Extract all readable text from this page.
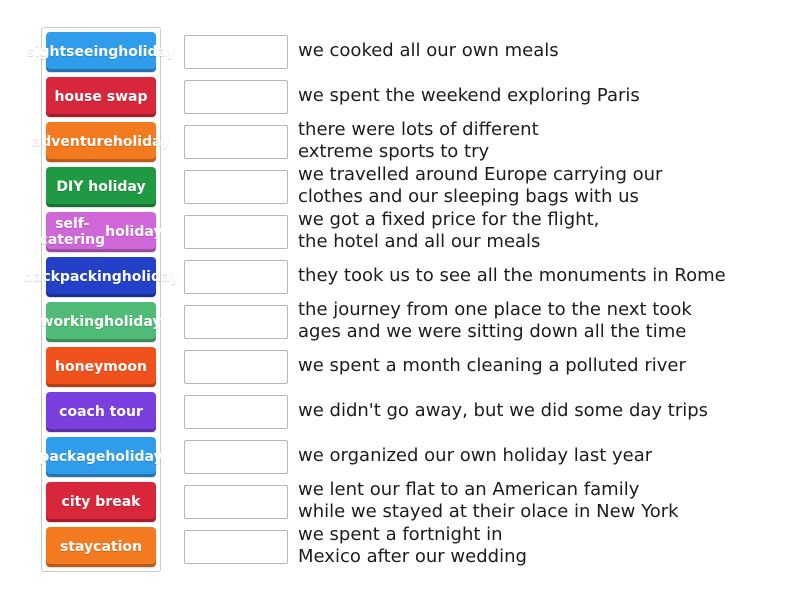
sightseeing holiday
house swap
adventure holiday
DIY holiday
self-catering holiday
backpacking holiday
working holiday
honeymoon
coach tour
package holiday
city break
staycation
we cooked all our own meals
we spent the weekend exploring Paris
there were lots of different
extreme sports to try
we travelled around Europe carrying our
clothes and our sleeping bags with us
we got a fixed price for the flight,
the hotel and all our meals
they took us to see all the monuments in Rome
the journey from one place to the next took
ages and we were sitting down all the time
we spent a month cleaning a polluted river
we didn't go away, but we did some day trips
we organized our own holiday last year
we lent our flat to an American family
while we stayed at their olace in New York
we spent a fortnight in
Mexico after our wedding
